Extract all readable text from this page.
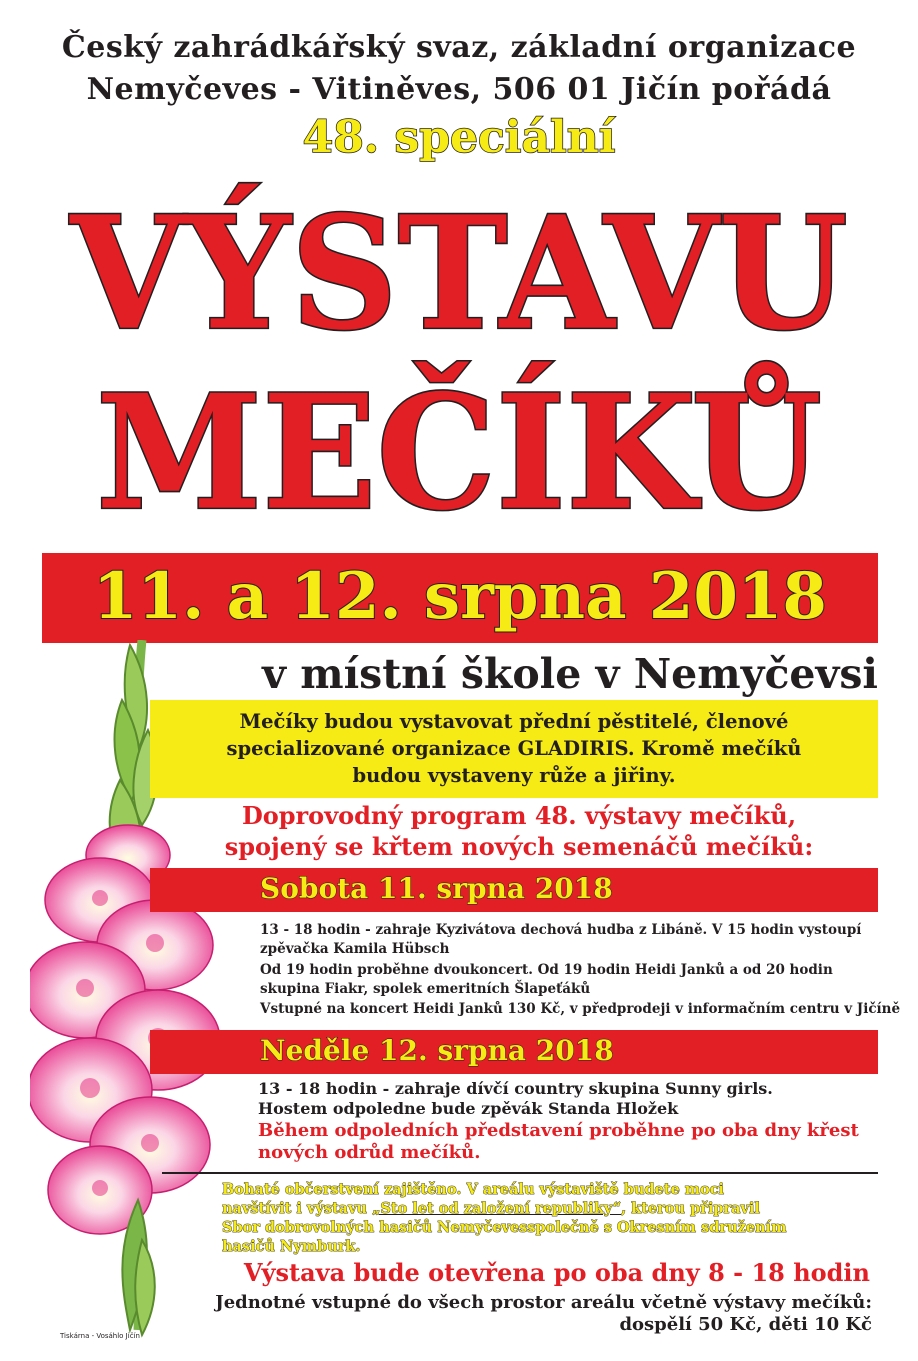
Český zahrádkářský svaz, základní organizace
Nemyčeves - Vitiněves, 506 01 Jičín pořádá
48. speciální
VÝSTAVU
MEČÍKŮ
11. a 12. srpna 2018
v místní škole v Nemyčevsi
Mečíky budou vystavovat přední pěstitelé, členové
specializované organizace GLADIRIS. Kromě mečíků
budou vystaveny růže a jiřiny.
Doprovodný program 48. výstavy mečíků,
spojený se křtem nových semenáčů mečíků:
Sobota 11. srpna 2018
13 - 18 hodin - zahraje Kyzivátova dechová hudba z Libáně. V 15 hodin vystoupí
zpěvačka Kamila Hübsch
Od 19 hodin proběhne dvoukoncert. Od 19 hodin Heidi Janků a od 20 hodin
skupina Fiakr, spolek emeritních Šlapeťáků
Vstupné na koncert Heidi Janků 130 Kč, v předprodeji v informačním centru v Jičíně
Neděle 12. srpna 2018
13 - 18 hodin - zahraje dívčí country skupina Sunny girls.
Hostem odpoledne bude zpěvák Standa Hložek
Během odpoledních představení proběhne po oba dny křest
nových odrůd mečíků.
Bohaté občerstvení zajištěno. V areálu výstaviště budete moci
navštívit i výstavu „Sto let od založení republiky“, kterou připravil
Sbor dobrovolných hasičů Nemyčevesspolečně s Okresním sdružením
hasičů Nymburk.
Výstava bude otevřena po oba dny 8 - 18 hodin
Jednotné vstupné do všech prostor areálu včetně výstavy mečíků:
dospělí 50 Kč, děti 10 Kč
Tiskárna - Vosáhlo Jičín
